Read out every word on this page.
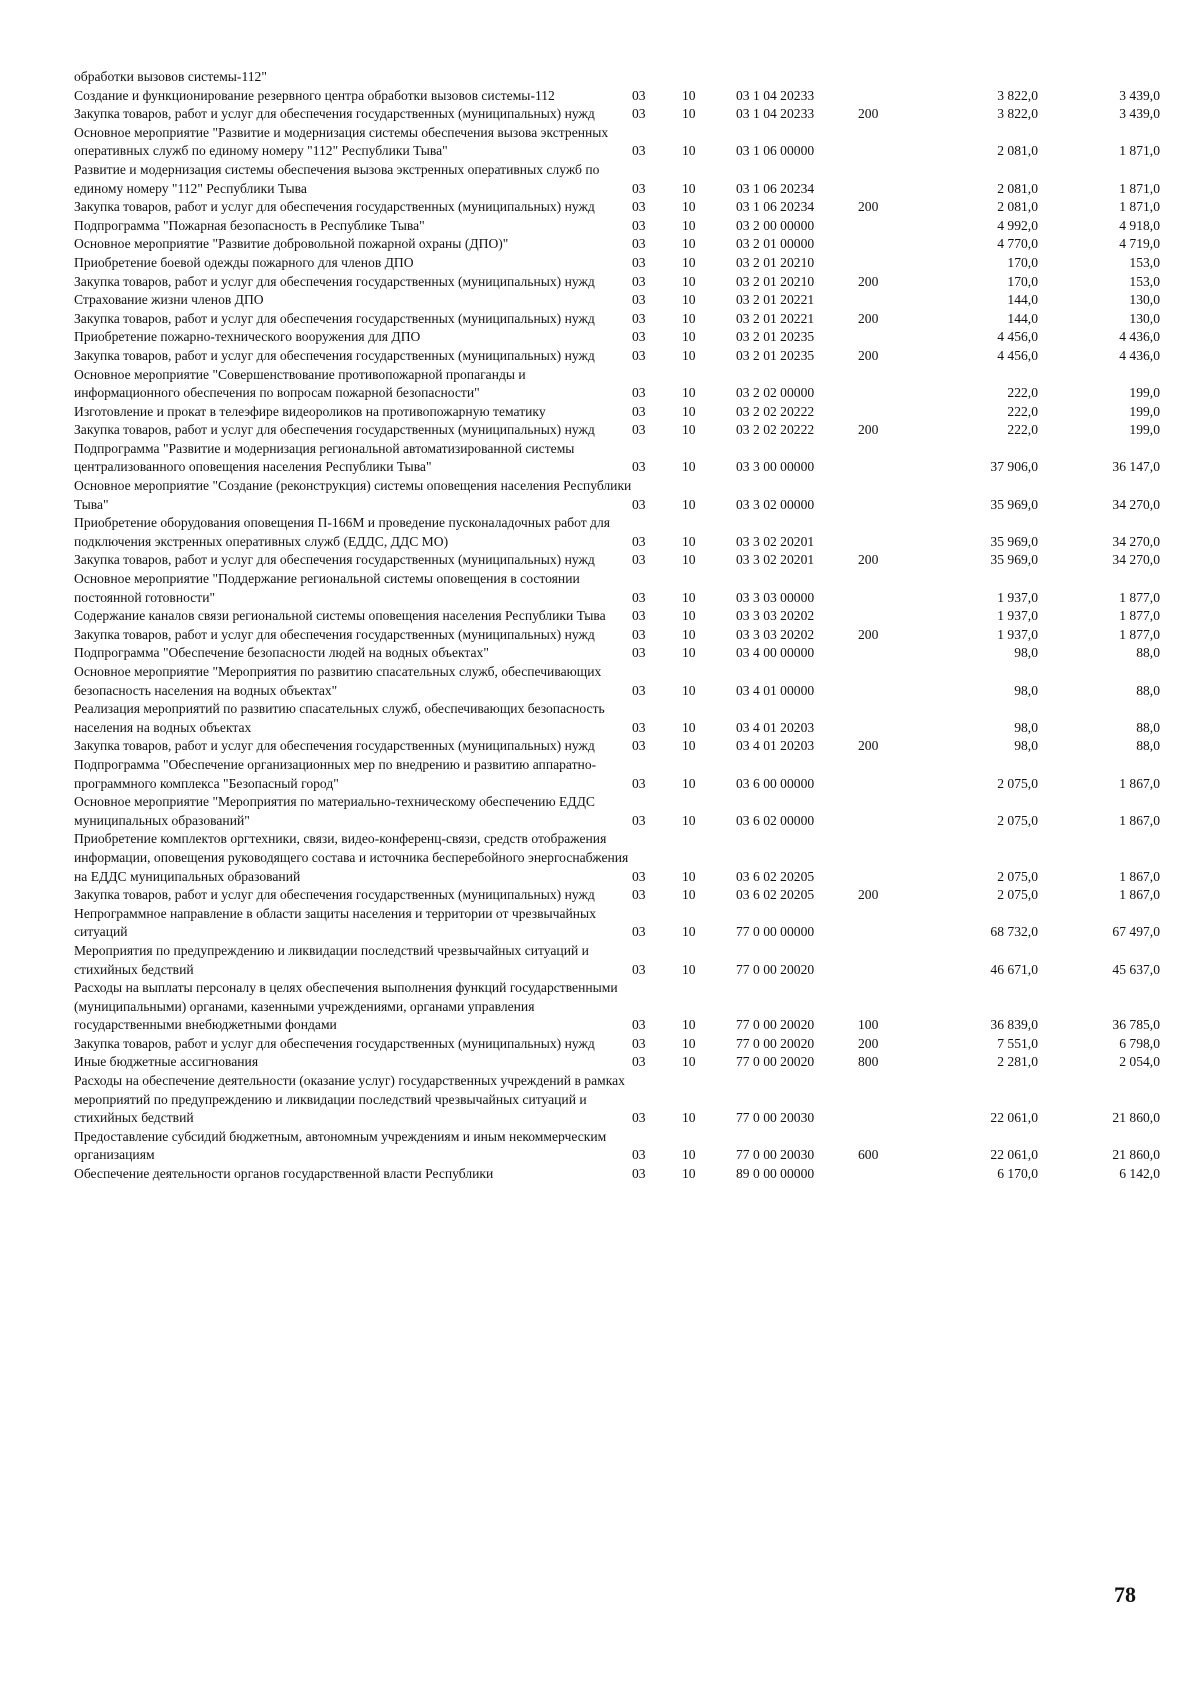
обработки вызовов системы-112"						
Создание и функционирование резервного центра обработки вызовов системы-112	03	10	03 1 04 20233		3 822,0	3 439,0
Закупка товаров, работ и услуг для обеспечения государственных (муниципальных) нужд	03	10	03 1 04 20233	200	3 822,0	3 439,0
Основное мероприятие "Развитие и модернизация системы обеспечения вызова экстренных оперативных служб по единому номеру "112" Республики Тыва"	03	10	03 1 06 00000		2 081,0	1 871,0
Развитие и модернизация системы обеспечения вызова экстренных оперативных служб по единому номеру "112" Республики Тыва	03	10	03 1 06 20234		2 081,0	1 871,0
Закупка товаров, работ и услуг для обеспечения государственных (муниципальных) нужд	03	10	03 1 06 20234	200	2 081,0	1 871,0
Подпрограмма "Пожарная безопасность в Республике Тыва"	03	10	03 2 00 00000		4 992,0	4 918,0
Основное мероприятие "Развитие добровольной пожарной охраны (ДПО)"	03	10	03 2 01 00000		4 770,0	4 719,0
Приобретение боевой одежды пожарного для членов ДПО	03	10	03 2 01 20210		170,0	153,0
Закупка товаров, работ и услуг для обеспечения государственных (муниципальных) нужд	03	10	03 2 01 20210	200	170,0	153,0
Страхование жизни членов ДПО	03	10	03 2 01 20221		144,0	130,0
Закупка товаров, работ и услуг для обеспечения государственных (муниципальных) нужд	03	10	03 2 01 20221	200	144,0	130,0
Приобретение пожарно-технического вооружения для ДПО	03	10	03 2 01 20235		4 456,0	4 436,0
Закупка товаров, работ и услуг для обеспечения государственных (муниципальных) нужд	03	10	03 2 01 20235	200	4 456,0	4 436,0
Основное мероприятие "Совершенствование противопожарной пропаганды и информационного обеспечения по вопросам пожарной безопасности"	03	10	03 2 02 00000		222,0	199,0
Изготовление и прокат в телеэфире видеороликов на противопожарную тематику	03	10	03 2 02 20222		222,0	199,0
Закупка товаров, работ и услуг для обеспечения государственных (муниципальных) нужд	03	10	03 2 02 20222	200	222,0	199,0
Подпрограмма "Развитие и модернизация региональной автоматизированной системы централизованного оповещения населения Республики Тыва"	03	10	03 3 00 00000		37 906,0	36 147,0
Основное мероприятие "Создание (реконструкция) системы оповещения населения Республики Тыва"	03	10	03 3 02 00000		35 969,0	34 270,0
Приобретение оборудования оповещения П-166М и проведение пусконаладочных работ для подключения экстренных оперативных служб (ЕДДС, ДДС МО)	03	10	03 3 02 20201		35 969,0	34 270,0
Закупка товаров, работ и услуг для обеспечения государственных (муниципальных) нужд	03	10	03 3 02 20201	200	35 969,0	34 270,0
Основное мероприятие "Поддержание региональной системы оповещения в состоянии постоянной готовности"	03	10	03 3 03 00000		1 937,0	1 877,0
Содержание каналов связи региональной системы оповещения населения Республики Тыва	03	10	03 3 03 20202		1 937,0	1 877,0
Закупка товаров, работ и услуг для обеспечения государственных (муниципальных) нужд	03	10	03 3 03 20202	200	1 937,0	1 877,0
Подпрограмма "Обеспечение безопасности людей на водных объектах"	03	10	03 4 00 00000		98,0	88,0
Основное мероприятие "Мероприятия по развитию спасательных служб, обеспечивающих безопасность населения на водных объектах"	03	10	03 4 01 00000		98,0	88,0
Реализация мероприятий по развитию спасательных служб, обеспечивающих безопасность населения на водных объектах	03	10	03 4 01 20203		98,0	88,0
Закупка товаров, работ и услуг для обеспечения государственных (муниципальных) нужд	03	10	03 4 01 20203	200	98,0	88,0
Подпрограмма "Обеспечение организационных мер по внедрению и развитию аппаратно-программного комплекса "Безопасный город"	03	10	03 6 00 00000		2 075,0	1 867,0
Основное мероприятие "Мероприятия по материально-техническому обеспечению ЕДДС муниципальных образований"	03	10	03 6 02 00000		2 075,0	1 867,0
Приобретение комплектов оргтехники, связи, видео-конференц-связи, средств отображения информации, оповещения руководящего состава и источника бесперебойного энергоснабжения на ЕДДС муниципальных образований	03	10	03 6 02 20205		2 075,0	1 867,0
Закупка товаров, работ и услуг для обеспечения государственных (муниципальных) нужд	03	10	03 6 02 20205	200	2 075,0	1 867,0
Непрограммное направление в области защиты населения и территории от чрезвычайных ситуаций	03	10	77 0 00 00000		68 732,0	67 497,0
Мероприятия по предупреждению и ликвидации последствий чрезвычайных ситуаций и стихийных бедствий	03	10	77 0 00 20020		46 671,0	45 637,0
Расходы на выплаты персоналу в целях обеспечения выполнения функций государственными (муниципальными) органами, казенными учреждениями, органами управления государственными внебюджетными фондами	03	10	77 0 00 20020	100	36 839,0	36 785,0
Закупка товаров, работ и услуг для обеспечения государственных (муниципальных) нужд	03	10	77 0 00 20020	200	7 551,0	6 798,0
Иные бюджетные ассигнования	03	10	77 0 00 20020	800	2 281,0	2 054,0
Расходы на обеспечение деятельности (оказание услуг) государственных учреждений в рамках мероприятий по предупреждению и ликвидации последствий чрезвычайных ситуаций и стихийных бедствий	03	10	77 0 00 20030		22 061,0	21 860,0
Предоставление субсидий бюджетным, автономным учреждениям и иным некоммерческим организациям	03	10	77 0 00 20030	600	22 061,0	21 860,0
Обеспечение деятельности органов государственной власти Республики	03	10	89 0 00 00000		6 170,0	6 142,0
78
